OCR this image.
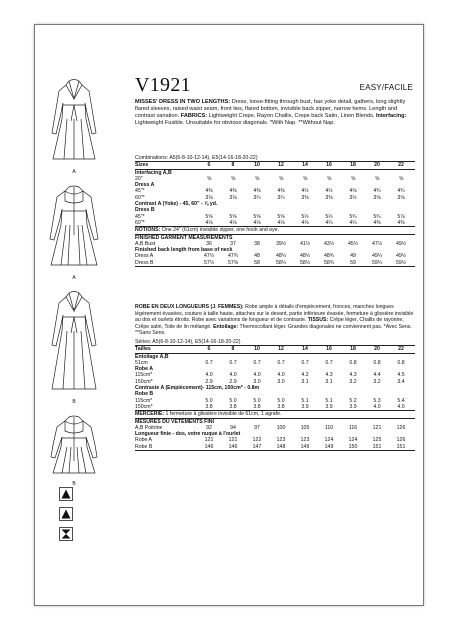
A
A
B
B
V1921	EASY/FACILE
MISSES' DRESS IN TWO LENGTHS: Dress, loose-fitting through bust, has yoke detail, gathers, long slightly flared sleeves, raised waist seam, front ties, flared bottom, invisible back zipper, narrow hems. Length and contrast variation. FABRICS: Lightweight Crepe, Rayon Challis, Crepe back Satin, Linen Blends. Interfacing: Lightweight Fusible. Unsuitable for obvious diagonals. *With Nap. **Without Nap.
Combinations: A5(6-8-10-12-14), E5(14-16-18-20-22)
Sizes	6	8	10	12	14	16	18	20	22
Interfacing A,B
20"	⅝	⅝	⅝	⅝	⅝	⅝	⅝	⅝	⅝
Dress A
45"*	4⅜	4⅜	4⅜	4⅜	4½	4½	4⅝	4¾	4¾
60"*	3⅛	3⅛	3¼	3¼	3⅜	3⅜	3½	3⅝	3⅝
Contrast A (Yoke) - 45, 60" - ⅞ yd.
Dress B
45"*	5⅝	5⅝	5⅝	5⅝	5½	5½	5¾	5¾	5⅞
60"*	4⅛	4⅛	4⅛	4⅛	4⅛	4¼	4¼	4⅜	4⅜
NOTIONS: One 24" (61cm) invisible zipper, one hook and eye.
FINISHED GARMENT MEASUREMENTS
A,B Bust	36	37	38	39½	41½	43½	45½	47½	49½
Finished back length from base of neck
Dress A	47½	47¾	48	48¼	48½	48¾	49	49¼	49½
Dress B	57½	57⅝	58	58¼	58½	58¾	59	59¼	59½
ROBE EN DEUX LONGUEURS (J. FEMMES): Robe ample à détails d'empiècement, fronces, manches longues légèrement évasées, couture à taille haute, attaches sur le devant, partie inférieure évasée, fermeture à glissière invisible au dos et ourlets étroits. Robe avec variations de longueur et de contraste. TISSUS: Crêpe léger, Challis de rayonne, Crêpe satin, Toile de lin mélangé. Entoilage: Thermocollant léger. Grandes diagonales ne conviennent pas. *Avec Sens. **Sans Sens.
Séries: A5(6-8-10-12-14), E5(14-16-18-20-22)
Tailles	6	8	10	12	14	16	18	20	22
Entoilage A,B
51cm	0.7	0.7	0.7	0.7	0.7	0.7	0.8	0.8	0.8
Robe A
115cm*	4.0	4.0	4.0	4.0	4.2	4.3	4.3	4.4	4.5
150cm*	2.9	2.9	3.0	3.0	3.1	3.1	3.2	3.2	3.4
Contraste A (Empiècement)- 115cm, 150cm* - 0.8m
Robe B
115cm*	5.0	5.0	5.0	5.0	5.1	5.1	5.2	5.3	5.4
150cm*	3.8	3.8	3.8	3.8	3.9	3.9	3.9	4.0	4.0
MERCERIE: 1 fermeture à glissière invisible de 61cm, 1 agrafe.
MESURES DU VÊTEMENTS FINI
A,B Poitrine	92	94	97	100	105	110	116	121	126
Longueur finie - dos, votre nuque à l'ourlet
Robe A	121	121	122	123	123	124	124	125	126
Robe B	146	146	147	148	149	149	150	151	151
